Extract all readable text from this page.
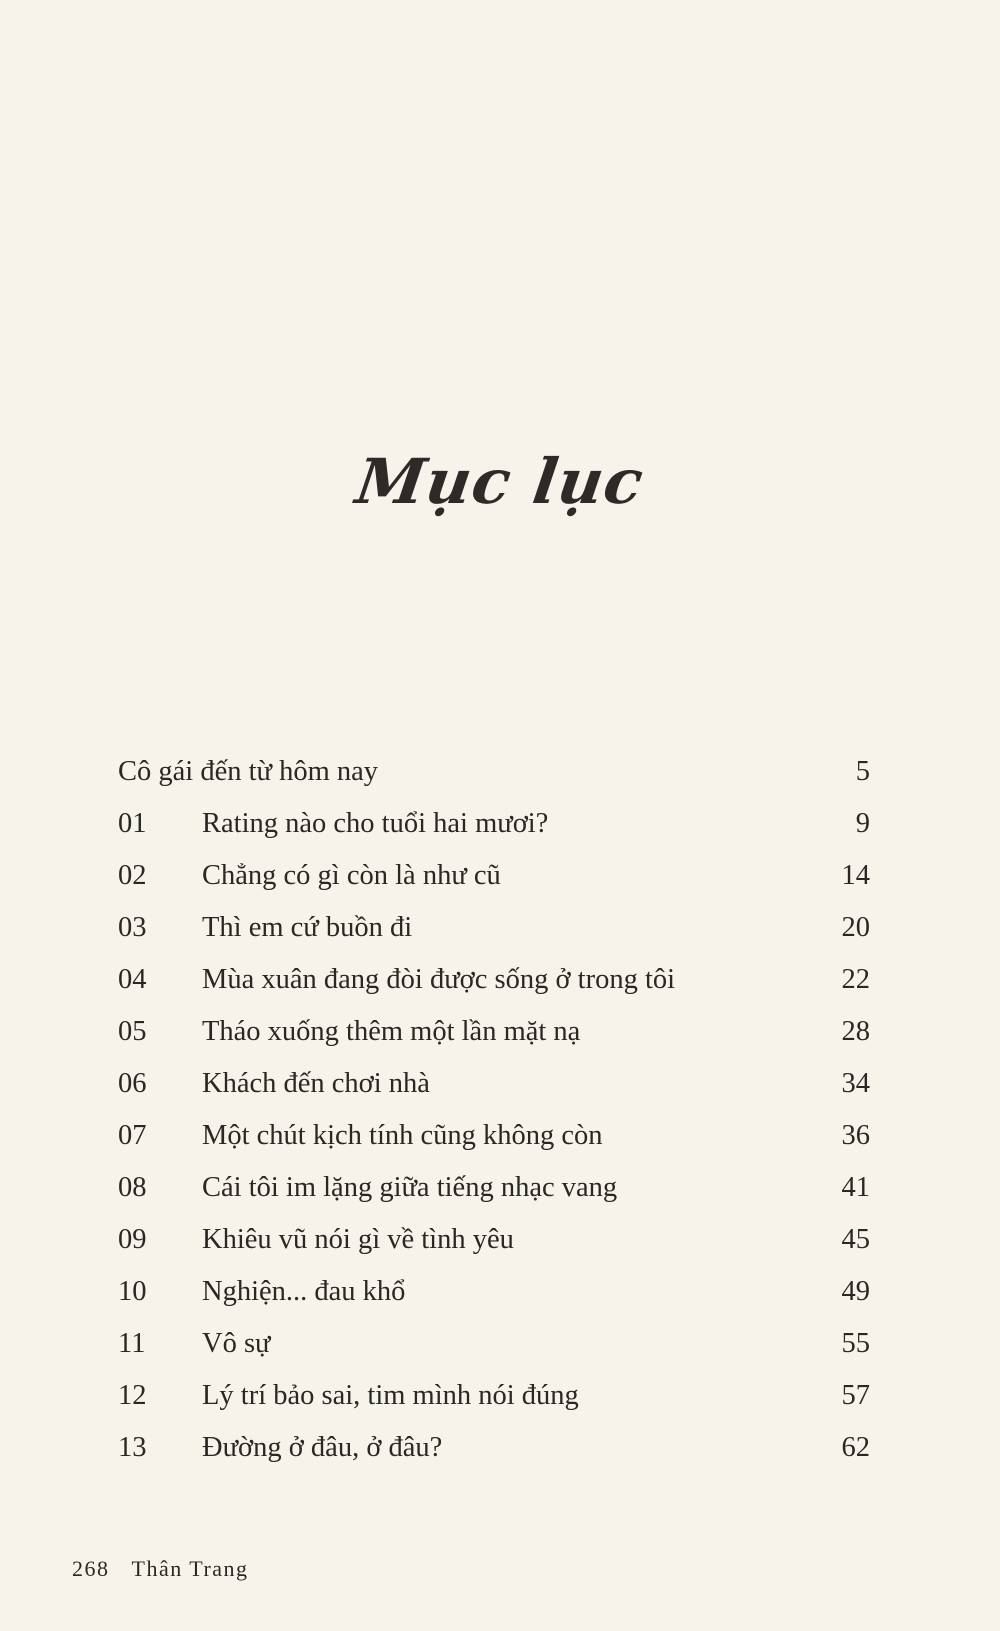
Mục lục
Cô gái đến từ hôm nay	5
01 Rating nào cho tuổi hai mươi?	9
02 Chẳng có gì còn là như cũ	14
03 Thì em cứ buồn đi	20
04 Mùa xuân đang đòi được sống ở trong tôi	22
05 Tháo xuống thêm một lần mặt nạ	28
06 Khách đến chơi nhà	34
07 Một chút kịch tính cũng không còn	36
08 Cái tôi im lặng giữa tiếng nhạc vang	41
09 Khiêu vũ nói gì về tình yêu	45
10 Nghiện... đau khổ	49
11 Vô sự	55
12 Lý trí bảo sai, tim mình nói đúng	57
13 Đường ở đâu, ở đâu?	62
268 Thân Trang
